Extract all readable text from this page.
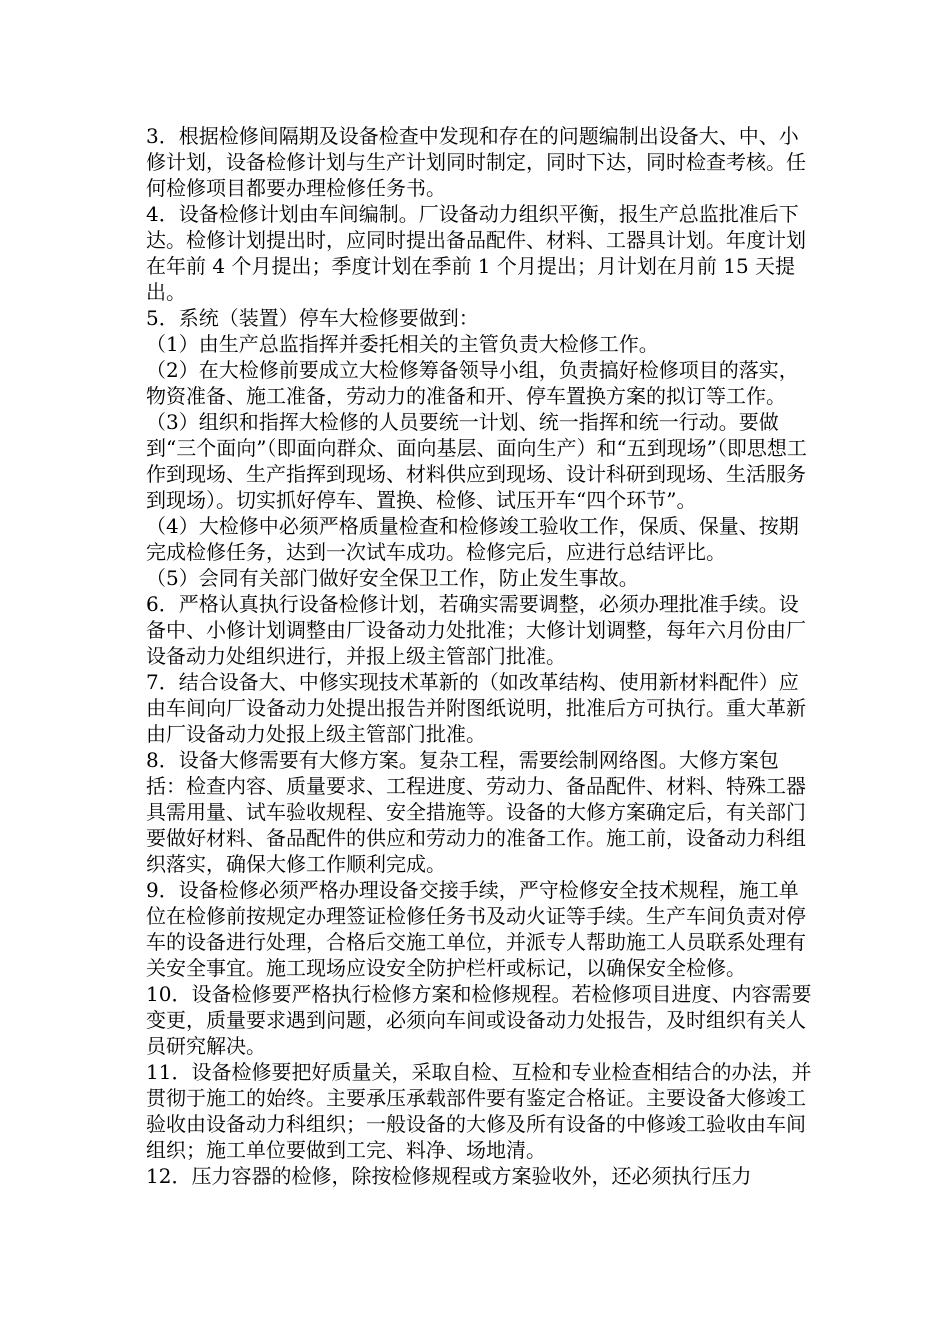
3．根据检修间隔期及设备检查中发现和存在的问题编制出设备大、中、小修计划，设备检修计划与生产计划同时制定，同时下达，同时检查考核。任何检修项目都要办理检修任务书。

4．设备检修计划由车间编制。厂设备动力组织平衡，报生产总监批准后下达。检修计划提出时，应同时提出备品配件、材料、工器具计划。年度计划在年前 4 个月提出；季度计划在季前 1 个月提出；月计划在月前 15 天提出。

5．系统（装置）停车大检修要做到：

（1）由生产总监指挥并委托相关的主管负责大检修工作。

（2）在大检修前要成立大检修筹备领导小组，负责搞好检修项目的落实，物资准备、施工准备，劳动力的准备和开、停车置换方案的拟订等工作。

（3）组织和指挥大检修的人员要统一计划、统一指挥和统一行动。要做到“三个面向”（即面向群众、面向基层、面向生产）和“五到现场”（即思想工作到现场、生产指挥到现场、材料供应到现场、设计科研到现场、生活服务到现场）。切实抓好停车、置换、检修、试压开车“四个环节”。

（4）大检修中必须严格质量检查和检修竣工验收工作，保质、保量、按期完成检修任务，达到一次试车成功。检修完后，应进行总结评比。

（5）会同有关部门做好安全保卫工作，防止发生事故。

6．严格认真执行设备检修计划，若确实需要调整，必须办理批准手续。设备中、小修计划调整由厂设备动力处批准；大修计划调整，每年六月份由厂设备动力处组织进行，并报上级主管部门批准。

7．结合设备大、中修实现技术革新的（如改革结构、使用新材料配件）应由车间向厂设备动力处提出报告并附图纸说明，批准后方可执行。重大革新由厂设备动力处报上级主管部门批准。

8．设备大修需要有大修方案。复杂工程，需要绘制网络图。大修方案包括：检查内容、质量要求、工程进度、劳动力、备品配件、材料、特殊工器具需用量、试车验收规程、安全措施等。设备的大修方案确定后，有关部门要做好材料、备品配件的供应和劳动力的准备工作。施工前，设备动力科组织落实，确保大修工作顺利完成。

9．设备检修必须严格办理设备交接手续，严守检修安全技术规程，施工单位在检修前按规定办理签证检修任务书及动火证等手续。生产车间负责对停车的设备进行处理，合格后交施工单位，并派专人帮助施工人员联系处理有关安全事宜。施工现场应设安全防护栏杆或标记，以确保安全检修。

10．设备检修要严格执行检修方案和检修规程。若检修项目进度、内容需要变更，质量要求遇到问题，必须向车间或设备动力处报告，及时组织有关人员研究解决。

11．设备检修要把好质量关，采取自检、互检和专业检查相结合的办法，并贯彻于施工的始终。主要承压承载部件要有鉴定合格证。主要设备大修竣工验收由设备动力科组织；一般设备的大修及所有设备的中修竣工验收由车间组织；施工单位要做到工完、料净、场地清。

12．压力容器的检修，除按检修规程或方案验收外，还必须执行压力
